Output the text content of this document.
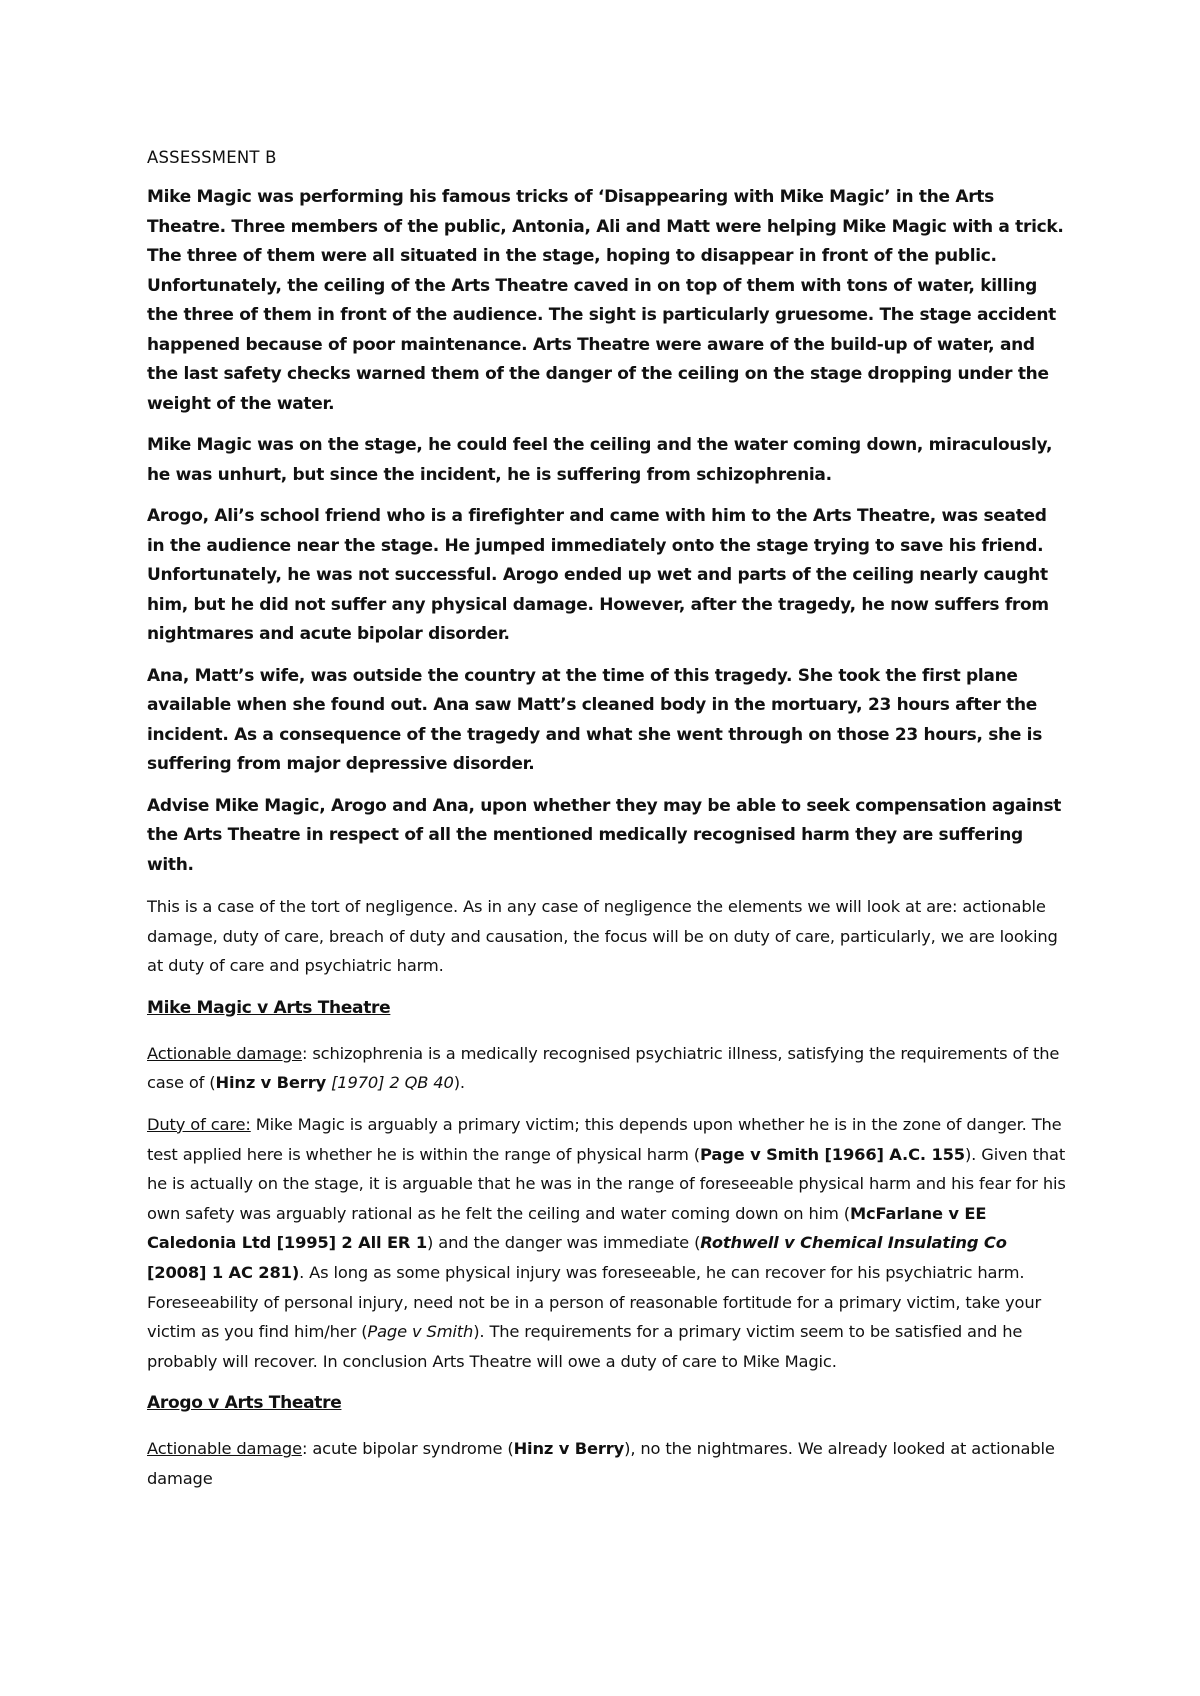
ASSESSMENT B

Mike Magic was performing his famous tricks of ‘Disappearing with Mike Magic’ in the Arts Theatre. Three members of the public, Antonia, Ali and Matt were helping Mike Magic with a trick. The three of them were all situated in the stage, hoping to disappear in front of the public. Unfortunately, the ceiling of the Arts Theatre caved in on top of them with tons of water, killing the three of them in front of the audience. The sight is particularly gruesome. The stage accident happened because of poor maintenance. Arts Theatre were aware of the build-up of water, and the last safety checks warned them of the danger of the ceiling on the stage dropping under the weight of the water.

Mike Magic was on the stage, he could feel the ceiling and the water coming down, miraculously, he was unhurt, but since the incident, he is suffering from schizophrenia.

Arogo, Ali’s school friend who is a firefighter and came with him to the Arts Theatre, was seated in the audience near the stage. He jumped immediately onto the stage trying to save his friend. Unfortunately, he was not successful. Arogo ended up wet and parts of the ceiling nearly caught him, but he did not suffer any physical damage. However, after the tragedy, he now suffers from nightmares and acute bipolar disorder.

Ana, Matt’s wife, was outside the country at the time of this tragedy. She took the first plane available when she found out. Ana saw Matt’s cleaned body in the mortuary, 23 hours after the incident. As a consequence of the tragedy and what she went through on those 23 hours, she is suffering from major depressive disorder.

Advise Mike Magic, Arogo and Ana, upon whether they may be able to seek compensation against the Arts Theatre in respect of all the mentioned medically recognised harm they are suffering with.

This is a case of the tort of negligence. As in any case of negligence the elements we will look at are: actionable damage, duty of care, breach of duty and causation, the focus will be on duty of care, particularly, we are looking at duty of care and psychiatric harm.

Mike Magic v Arts Theatre

Actionable damage: schizophrenia is a medically recognised psychiatric illness, satisfying the requirements of the case of (Hinz v Berry [1970] 2 QB 40).

Duty of care: Mike Magic is arguably a primary victim; this depends upon whether he is in the zone of danger. The test applied here is whether he is within the range of physical harm (Page v Smith [1966] A.C. 155). Given that he is actually on the stage, it is arguable that he was in the range of foreseeable physical harm and his fear for his own safety was arguably rational as he felt the ceiling and water coming down on him (McFarlane v EE Caledonia Ltd [1995] 2 All ER 1) and the danger was immediate (Rothwell v Chemical Insulating Co [2008] 1 AC 281). As long as some physical injury was foreseeable, he can recover for his psychiatric harm. Foreseeability of personal injury, need not be in a person of reasonable fortitude for a primary victim, take your victim as you find him/her (Page v Smith). The requirements for a primary victim seem to be satisfied and he probably will recover. In conclusion Arts Theatre will owe a duty of care to Mike Magic.

Arogo v Arts Theatre

Actionable damage: acute bipolar syndrome (Hinz v Berry), no the nightmares. We already looked at actionable damage
